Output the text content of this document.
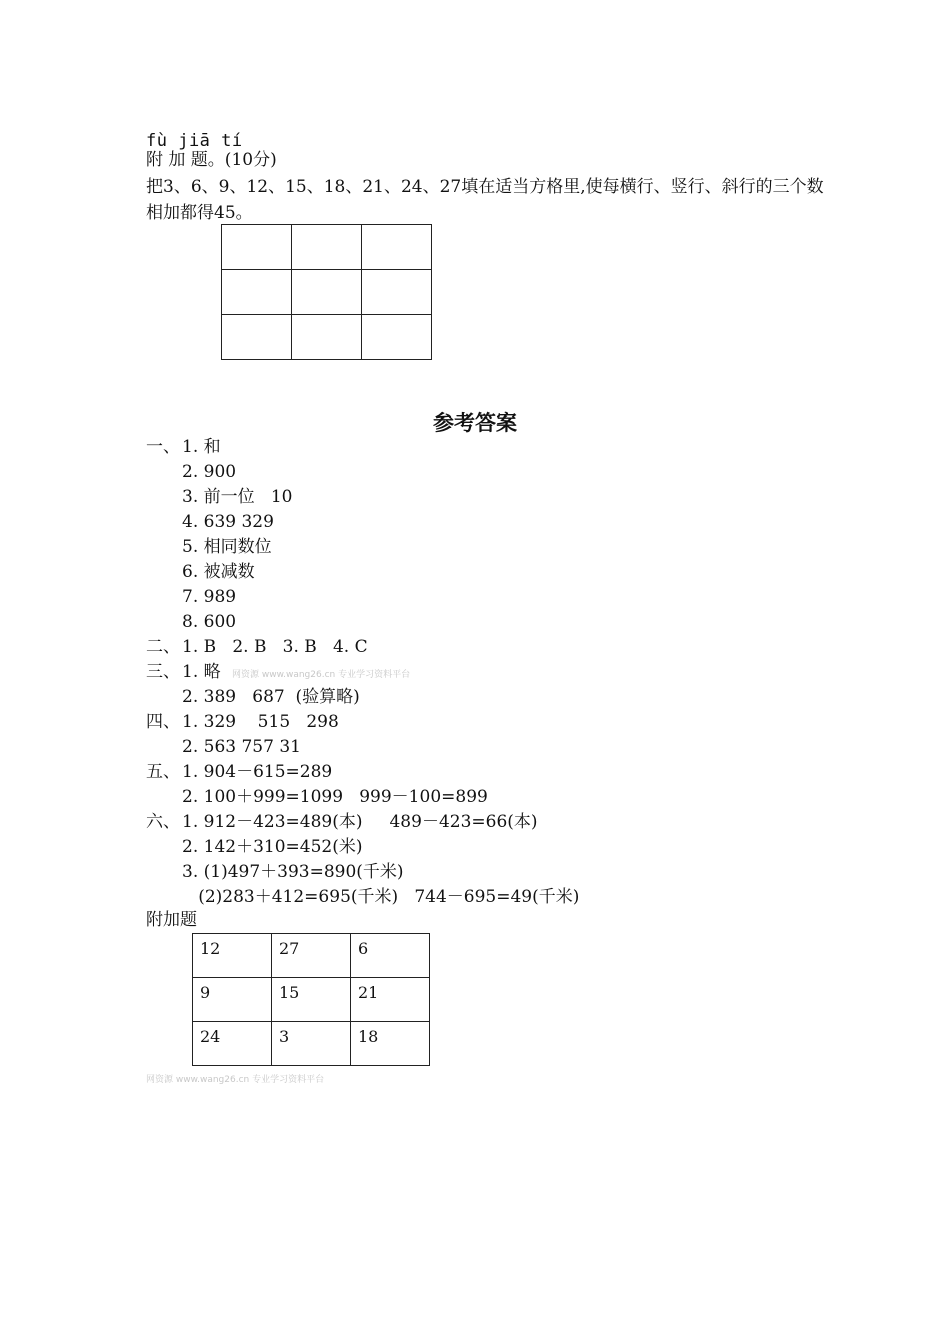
fù jiā tí
附 加 题。(10分)
把3、6、9、12、15、18、21、24、27填在适当方格里,使每横行、竖行、斜行的三个数
相加都得45。

参考答案
一、 1. 和
2. 900
3. 前一位   10
4. 639 329
5. 相同数位
6. 被减数
7. 989
8. 600
二、 1. B   2. B   3. B   4. C
三、 1. 略
2. 389   687  (验算略)
四、 1. 329    515   298
2. 563 757 31
五、 1. 904－615=289
2. 100＋999=1099   999－100=899
六、 1. 912－423=489(本)     489－423=66(本)
2. 142＋310=452(米)
3. (1)497＋393=890(千米)
(2)283＋412=695(千米)   744－695=49(千米)
网资源 www.wang26.cn 专业学习资料平台
附加题
12	27	6

9	15	21

24	3	18
网资源 www.wang26.cn 专业学习资料平台
